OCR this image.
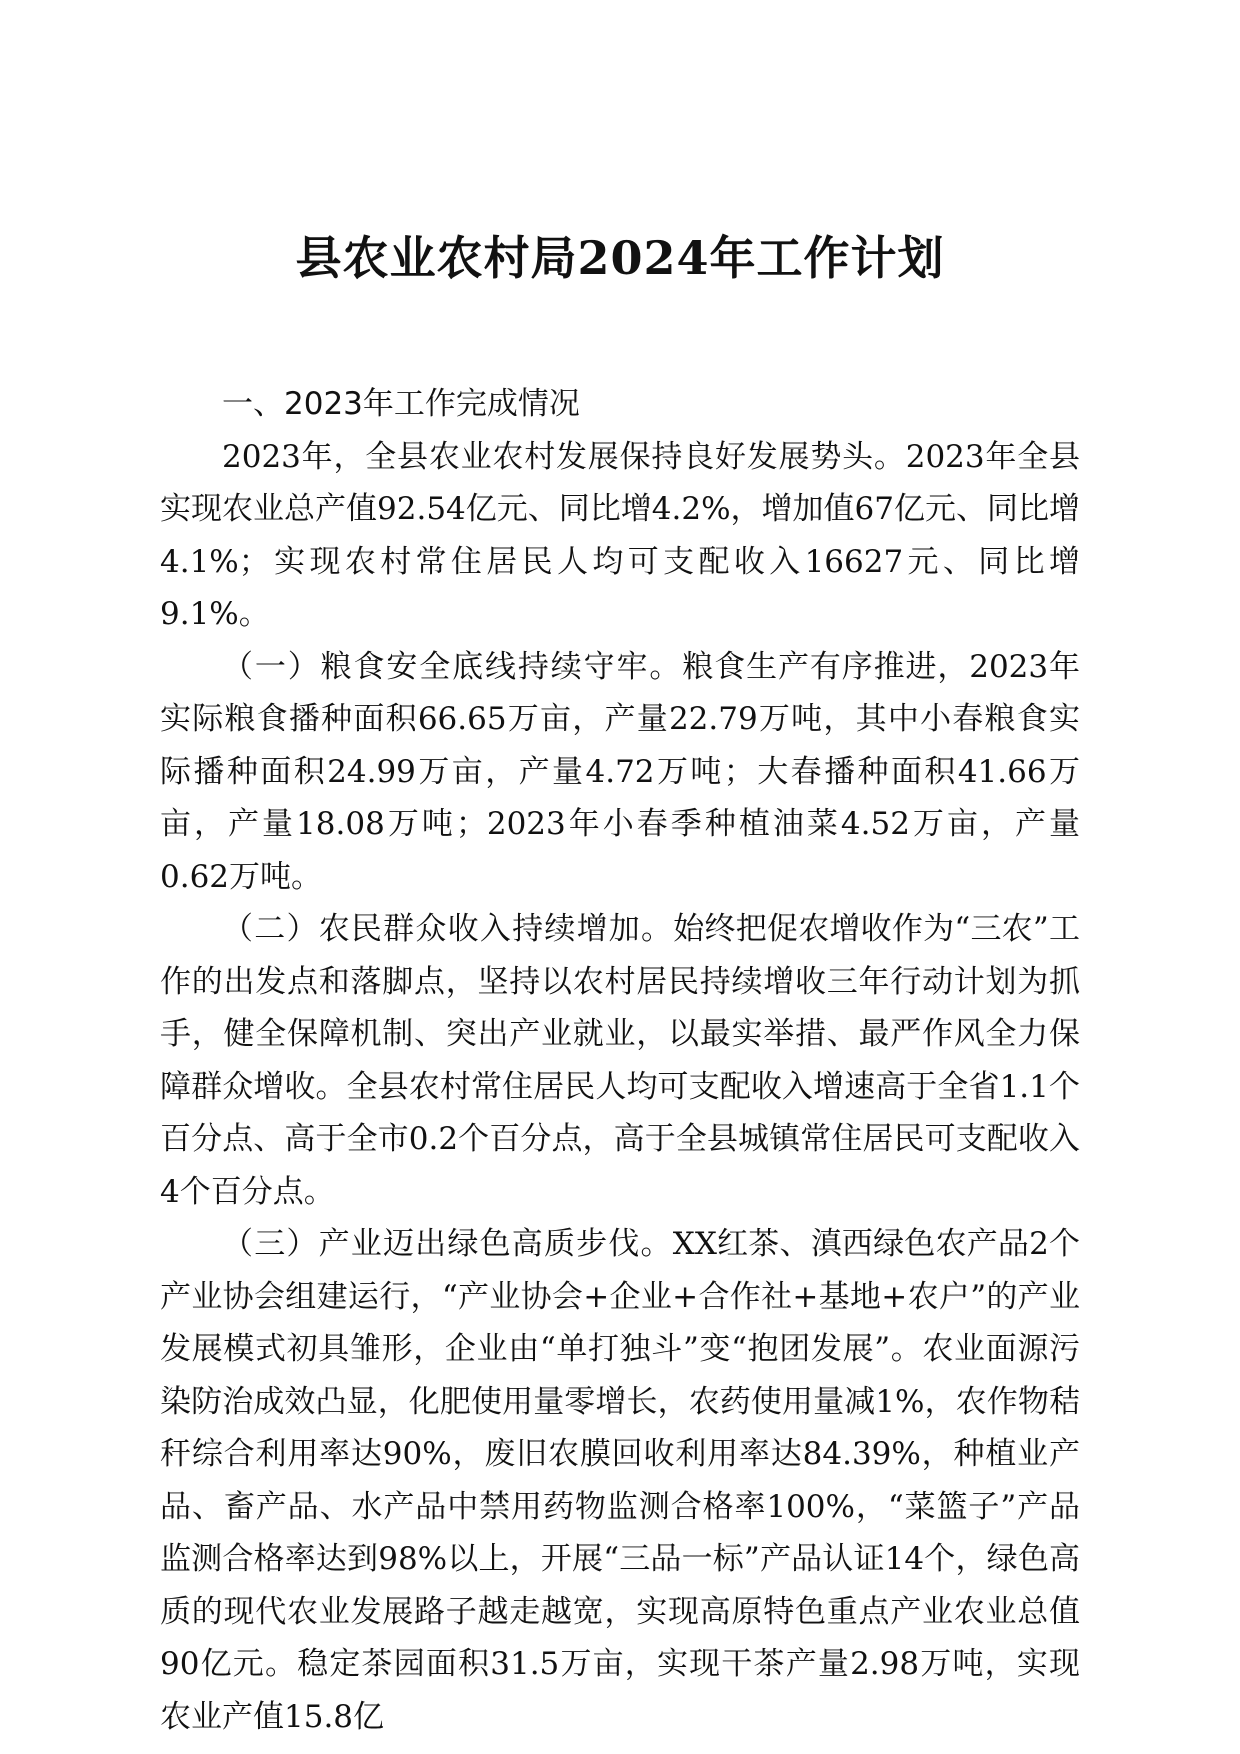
县农业农村局2024年工作计划
一、2023年工作完成情况

2023年，全县农业农村发展保持良好发展势头。2023年全县实现农业总产值92.54亿元、同比增4.2%，增加值67亿元、同比增4.1%；实现农村常住居民人均可支配收入16627元、同比增9.1%。

（一）粮食安全底线持续守牢。粮食生产有序推进，2023年实际粮食播种面积66.65万亩，产量22.79万吨，其中小春粮食实际播种面积24.99万亩，产量4.72万吨；大春播种面积41.66万亩，产量18.08万吨；2023年小春季种植油菜4.52万亩，产量0.62万吨。

（二）农民群众收入持续增加。始终把促农增收作为“三农”工作的出发点和落脚点，坚持以农村居民持续增收三年行动计划为抓手，健全保障机制、突出产业就业，以最实举措、最严作风全力保障群众增收。全县农村常住居民人均可支配收入增速高于全省1.1个百分点、高于全市0.2个百分点，高于全县城镇常住居民可支配收入4个百分点。

（三）产业迈出绿色高质步伐。XX红茶、滇西绿色农产品2个产业协会组建运行，“产业协会+企业+合作社+基地+农户”的产业发展模式初具雏形，企业由“单打独斗”变“抱团发展”。农业面源污染防治成效凸显，化肥使用量零增长，农药使用量减1%，农作物秸秆综合利用率达90%，废旧农膜回收利用率达84.39%，种植业产品、畜产品、水产品中禁用药物监测合格率100%，“菜篮子”产品监测合格率达到98%以上，开展“三品一标”产品认证14个，绿色高质的现代农业发展路子越走越宽，实现高原特色重点产业农业总值90亿元。稳定茶园面积31.5万亩，实现干茶产量2.98万吨，实现农业产值15.8亿
